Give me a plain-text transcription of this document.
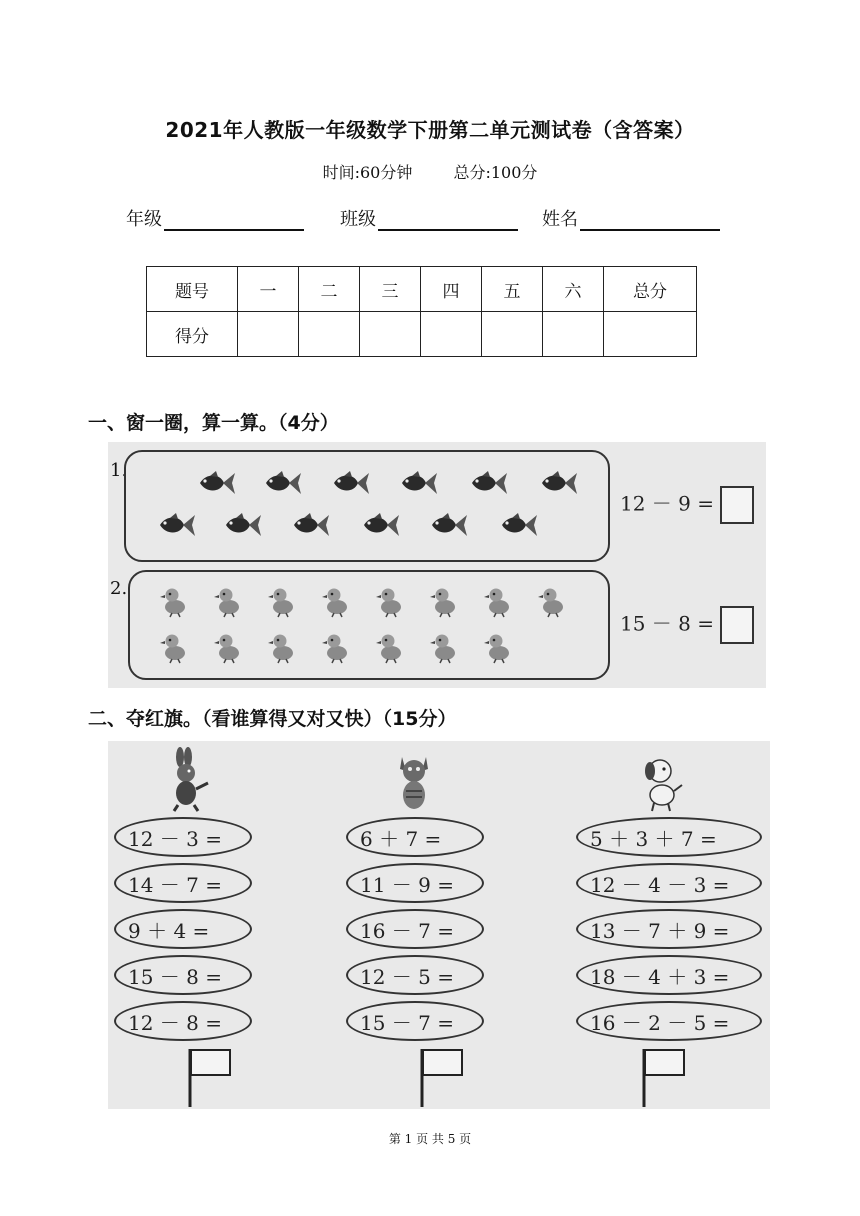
2021年人教版一年级数学下册第二单元测试卷（含答案）
时间:60分钟	总分:100分
年级	班级	姓名
题号	一	二	三	四	五	六	总分
得分							
一、窗一圈，算一算。（4分）
1.
12 － 9 =
2.
15 － 8 =
二、夺红旗。（看谁算得又对又快）（15分）
12 － 3 =
14 － 7 =
9 ＋ 4 =
15 － 8 =
12 － 8 =
6 ＋ 7 =
11 － 9 =
16 － 7 =
12 － 5 =
15 － 7 =
5 ＋ 3 ＋ 7 =
12 － 4 － 3 =
13 － 7 ＋ 9 =
18 － 4 ＋ 3 =
16 － 2 － 5 =
第 1 页 共 5 页
